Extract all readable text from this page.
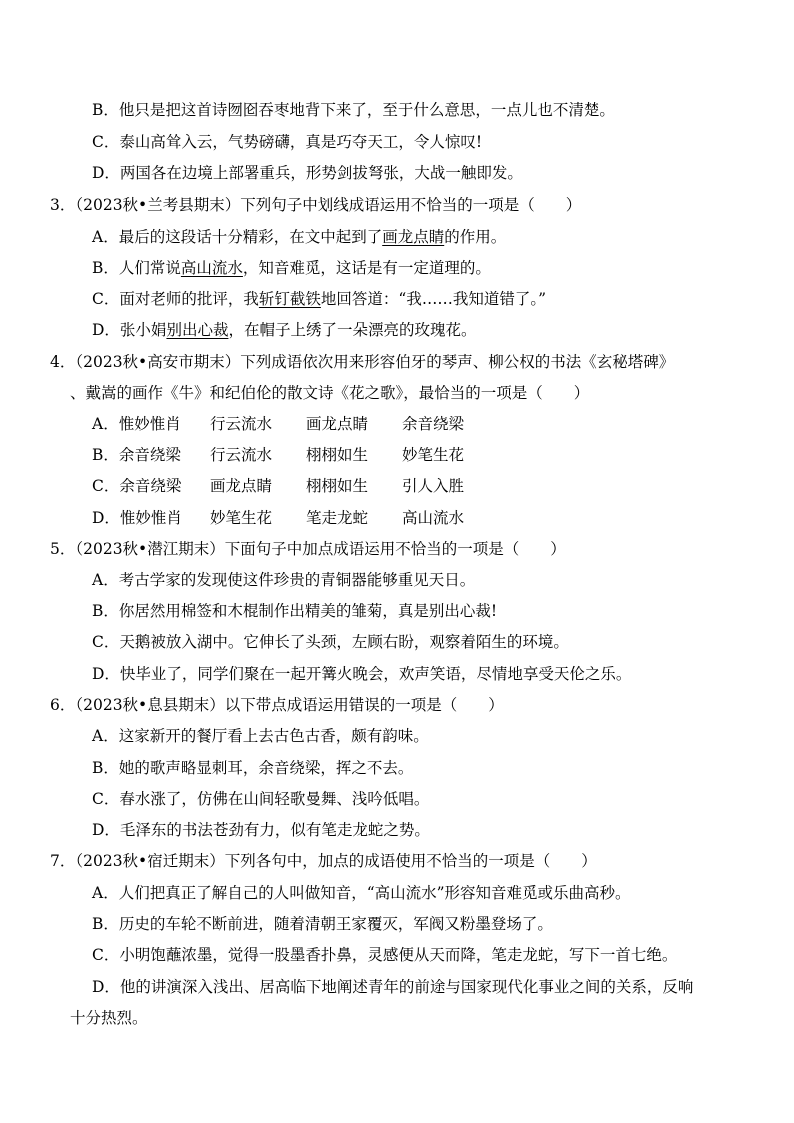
B．他只是把这首诗囫囵吞枣地背下来了，至于什么意思，一点儿也不清楚。
C．泰山高耸入云，气势磅礴，真是巧夺天工，令人惊叹!
D．两国各在边境上部署重兵，形势剑拔弩张，大战一触即发。
3．（2023秋•兰考县期末）下列句子中划线成语运用不恰当的一项是（　　）
A．最后的这段话十分精彩，在文中起到了画龙点睛的作用。
B．人们常说高山流水，知音难觅，这话是有一定道理的。
C．面对老师的批评，我斩钉截铁地回答道：“我……我知道错了。”
D．张小娟别出心裁，在帽子上绣了一朵漂亮的玫瑰花。
4．（2023秋•高安市期末）下列成语依次用来形容伯牙的琴声、柳公权的书法《玄秘塔碑》
、戴嵩的画作《牛》和纪伯伦的散文诗《花之歌》，最恰当的一项是（　　）
A．惟妙惟肖 行云流水 画龙点睛 余音绕梁
B．余音绕梁 行云流水 栩栩如生 妙笔生花
C．余音绕梁 画龙点睛 栩栩如生 引人入胜
D．惟妙惟肖 妙笔生花 笔走龙蛇 高山流水
5．（2023秋•潜江期末）下面句子中加点成语运用不恰当的一项是（　　）
A．考古学家的发现使这件珍贵的青铜器能够重见天日。
B．你居然用棉签和木棍制作出精美的雏菊，真是别出心裁!
C．天鹅被放入湖中。它伸长了头颈，左顾右盼，观察着陌生的环境。
D．快毕业了，同学们聚在一起开篝火晚会，欢声笑语，尽情地享受天伦之乐。
6．（2023秋•息县期末）以下带点成语运用错误的一项是（　　）
A．这家新开的餐厅看上去古色古香，颇有韵味。
B．她的歌声略显刺耳，余音绕梁，挥之不去。
C．春水涨了，仿佛在山间轻歌曼舞、浅吟低唱。
D．毛泽东的书法苍劲有力，似有笔走龙蛇之势。
7．（2023秋•宿迁期末）下列各句中，加点的成语使用不恰当的一项是（　　）
A．人们把真正了解自己的人叫做知音，“高山流水”形容知音难觅或乐曲高秒。
B．历史的车轮不断前进，随着清朝王家覆灭，军阀又粉墨登场了。
C．小明饱蘸浓墨，觉得一股墨香扑鼻，灵感便从天而降，笔走龙蛇，写下一首七绝。
D．他的讲演深入浅出、居高临下地阐述青年的前途与国家现代化事业之间的关系，反响
十分热烈。
